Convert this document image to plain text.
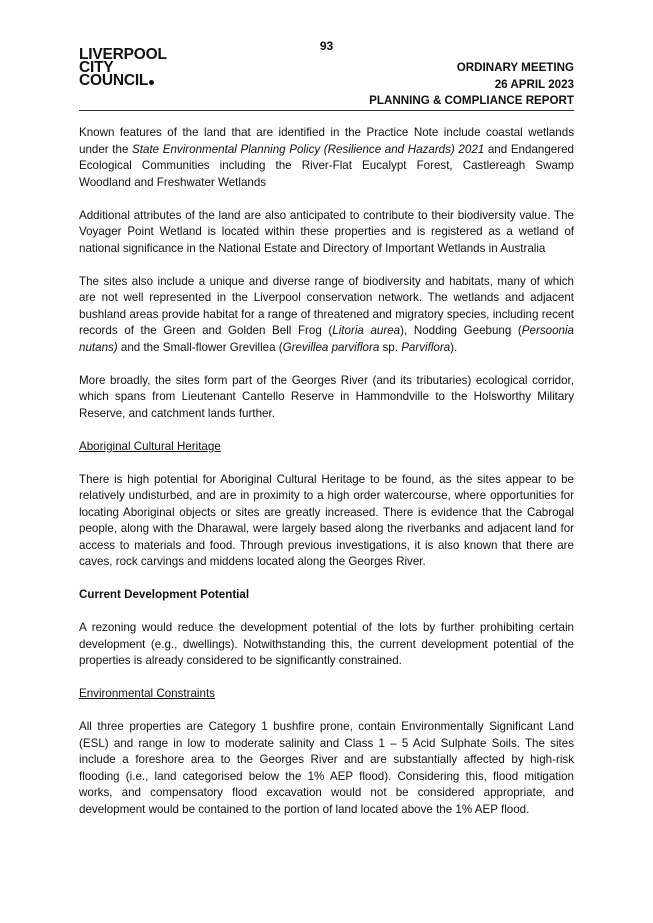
93
LIVERPOOL
CITY
COUNCIL
ORDINARY MEETING
26 APRIL 2023
PLANNING & COMPLIANCE REPORT

Known features of the land that are identified in the Practice Note include coastal wetlands under the State Environmental Planning Policy (Resilience and Hazards) 2021 and Endangered Ecological Communities including the River-Flat Eucalypt Forest, Castlereagh Swamp Woodland and Freshwater Wetlands

Additional attributes of the land are also anticipated to contribute to their biodiversity value. The Voyager Point Wetland is located within these properties and is registered as a wetland of national significance in the National Estate and Directory of Important Wetlands in Australia

The sites also include a unique and diverse range of biodiversity and habitats, many of which are not well represented in the Liverpool conservation network. The wetlands and adjacent bushland areas provide habitat for a range of threatened and migratory species, including recent records of the Green and Golden Bell Frog (Litoria aurea), Nodding Geebung (Persoonia nutans) and the Small-flower Grevillea (Grevillea parviflora sp. Parviflora).

More broadly, the sites form part of the Georges River (and its tributaries) ecological corridor, which spans from Lieutenant Cantello Reserve in Hammondville to the Holsworthy Military Reserve, and catchment lands further.

Aboriginal Cultural Heritage

There is high potential for Aboriginal Cultural Heritage to be found, as the sites appear to be relatively undisturbed, and are in proximity to a high order watercourse, where opportunities for locating Aboriginal objects or sites are greatly increased. There is evidence that the Cabrogal people, along with the Dharawal, were largely based along the riverbanks and adjacent land for access to materials and food. Through previous investigations, it is also known that there are caves, rock carvings and middens located along the Georges River.

Current Development Potential

A rezoning would reduce the development potential of the lots by further prohibiting certain development (e.g., dwellings). Notwithstanding this, the current development potential of the properties is already considered to be significantly constrained.

Environmental Constraints

All three properties are Category 1 bushfire prone, contain Environmentally Significant Land (ESL) and range in low to moderate salinity and Class 1 – 5 Acid Sulphate Soils. The sites include a foreshore area to the Georges River and are substantially affected by high-risk flooding (i.e., land categorised below the 1% AEP flood). Considering this, flood mitigation works, and compensatory flood excavation would not be considered appropriate, and development would be contained to the portion of land located above the 1% AEP flood.
